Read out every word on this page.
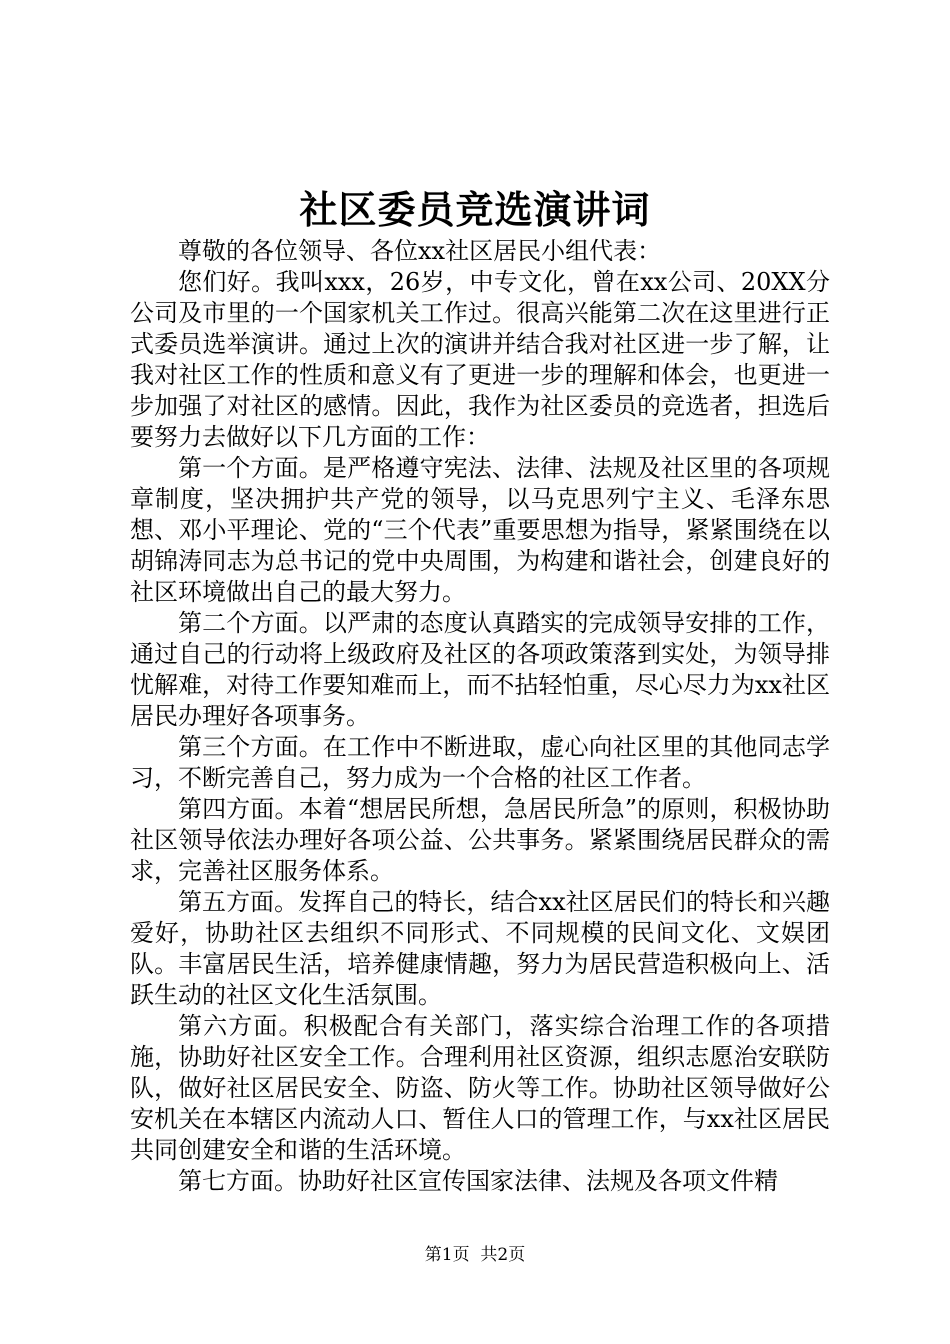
社区委员竞选演讲词

尊敬的各位领导、各位xx社区居民小组代表：

您们好。我叫xxx，26岁，中专文化，曾在xx公司、20XX分公司及市里的一个国家机关工作过。很高兴能第二次在这里进行正式委员选举演讲。通过上次的演讲并结合我对社区进一步了解，让我对社区工作的性质和意义有了更进一步的理解和体会，也更进一步加强了对社区的感情。因此，我作为社区委员的竞选者，担选后要努力去做好以下几方面的工作：

第一个方面。是严格遵守宪法、法律、法规及社区里的各项规章制度，坚决拥护共产党的领导，以马克思列宁主义、毛泽东思想、邓小平理论、党的“三个代表”重要思想为指导，紧紧围绕在以胡锦涛同志为总书记的党中央周围，为构建和谐社会，创建良好的社区环境做出自己的最大努力。

第二个方面。以严肃的态度认真踏实的完成领导安排的工作，通过自己的行动将上级政府及社区的各项政策落到实处，为领导排忧解难，对待工作要知难而上，而不拈轻怕重，尽心尽力为xx社区居民办理好各项事务。

第三个方面。在工作中不断进取，虚心向社区里的其他同志学习，不断完善自己，努力成为一个合格的社区工作者。

第四方面。本着“想居民所想，急居民所急”的原则，积极协助社区领导依法办理好各项公益、公共事务。紧紧围绕居民群众的需求，完善社区服务体系。

第五方面。发挥自己的特长，结合xx社区居民们的特长和兴趣爱好，协助社区去组织不同形式、不同规模的民间文化、文娱团队。丰富居民生活，培养健康情趣，努力为居民营造积极向上、活跃生动的社区文化生活氛围。

第六方面。积极配合有关部门，落实综合治理工作的各项措施，协助好社区安全工作。合理利用社区资源，组织志愿治安联防队，做好社区居民安全、防盗、防火等工作。协助社区领导做好公安机关在本辖区内流动人口、暂住人口的管理工作，与xx社区居民共同创建安全和谐的生活环境。

第七方面。协助好社区宣传国家法律、法规及各项文件精

第1页 共2页
